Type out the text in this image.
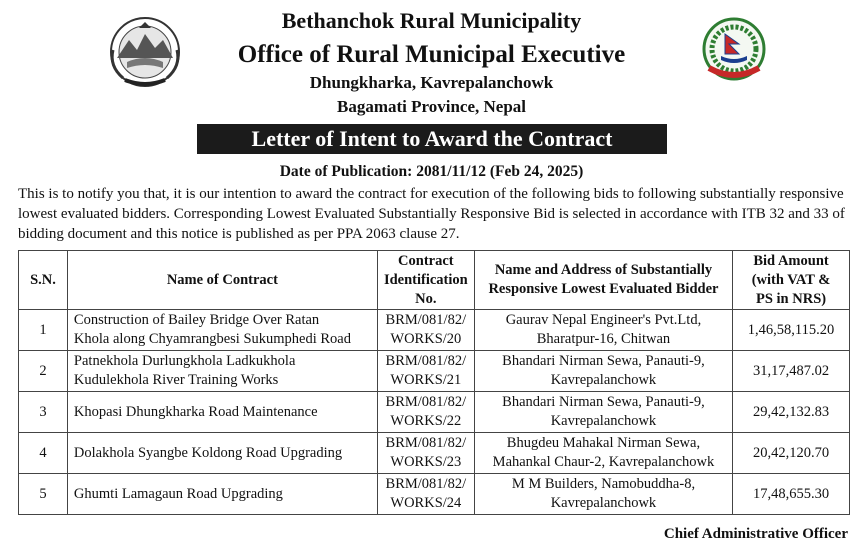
Bethanchok Rural Municipality
Office of Rural Municipal Executive
Dhungkharka, Kavrepalanchowk
Bagamati Province, Nepal
Letter of Intent to Award the Contract
Date of Publication: 2081/11/12 (Feb 24, 2025)
This is to notify you that, it is our intention to award the contract for execution of the following bids to following substantially responsive
lowest evaluated bidders. Corresponding Lowest Evaluated Substantially Responsive Bid is selected in accordance with ITB 32 and 33 of
bidding document and this notice is published as per PPA 2063 clause 27.
S.N.	Name of Contract	Contract
Identification
No.	Name and Address of Substantially
Responsive Lowest Evaluated Bidder	Bid Amount
(with VAT &
PS in NRS)
1	Construction of Bailey Bridge Over Ratan
Khola along Chyamrangbesi Sukumphedi Road	BRM/081/82/
WORKS/20	Gaurav Nepal Engineer's Pvt.Ltd,
Bharatpur-16, Chitwan	1,46,58,115.20
2	Patnekhola Durlungkhola Ladkukhola
Kudulekhola River Training Works	BRM/081/82/
WORKS/21	Bhandari Nirman Sewa, Panauti-9,
Kavrepalanchowk	31,17,487.02
3	Khopasi Dhungkharka Road Maintenance	BRM/081/82/
WORKS/22	Bhandari Nirman Sewa, Panauti-9,
Kavrepalanchowk	29,42,132.83
4	Dolakhola Syangbe Koldong Road Upgrading	BRM/081/82/
WORKS/23	Bhugdeu Mahakal Nirman Sewa,
Mahankal Chaur-2, Kavrepalanchowk	20,42,120.70
5	Ghumti Lamagaun Road Upgrading	BRM/081/82/
WORKS/24	M M Builders, Namobuddha-8,
Kavrepalanchowk	17,48,655.30
Chief Administrative Officer
